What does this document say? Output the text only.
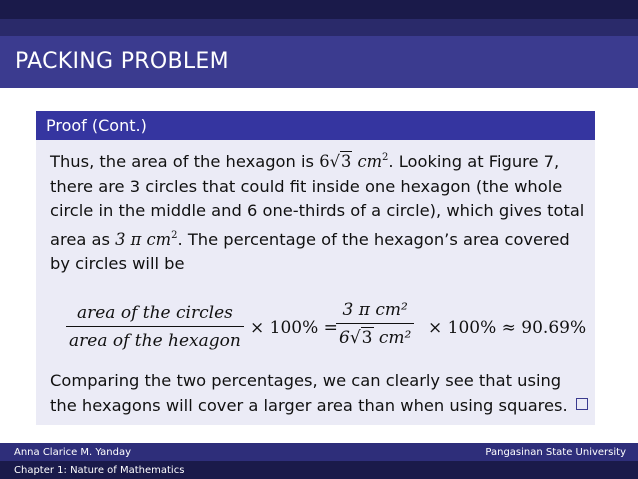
PACKING PROBLEM
Proof (Cont.)
Thus, the area of the hexagon is 6√3 $cm^2$. Looking at Figure 7, there are 3 circles that could fit inside one hexagon (the whole circle in the middle and 6 one-thirds of a circle), which gives total area as 3 π $cm^2$. The percentage of the hexagon’s area covered by circles will be
area of the circles
area of the hexagon
× 100% =
3 π cm²
6√3 cm² × 100% ≈ 90.69%
Comparing the two percentages, we can clearly see that using the hexagons will cover a larger area than when using squares.
Anna Clarice M. Yanday	Pangasinan State University
Chapter 1: Nature of Mathematics
